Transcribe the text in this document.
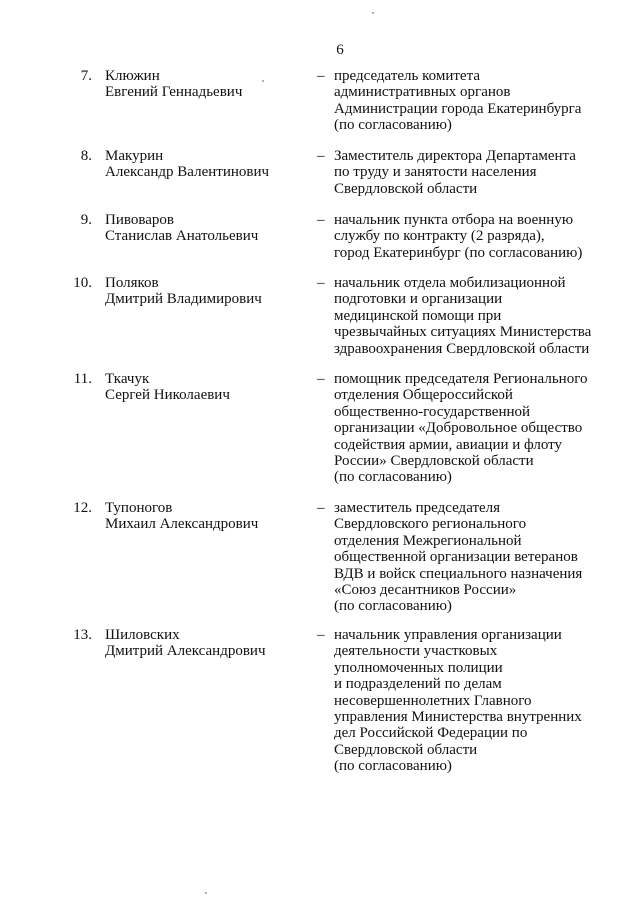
6
7. Клюжин
Евгений Геннадьевич
– председатель комитета
административных органов
Администрации города Екатеринбурга
(по согласованию)
8. Макурин
Александр Валентинович
– Заместитель директора Департамента
по труду и занятости населения
Свердловской области
9. Пивоваров
Станислав Анатольевич
– начальник пункта отбора на военную
службу по контракту (2 разряда),
город Екатеринбург (по согласованию)
10. Поляков
Дмитрий Владимирович
– начальник отдела мобилизационной
подготовки и организации
медицинской помощи при
чрезвычайных ситуациях Министерства
здравоохранения Свердловской области
11. Ткачук
Сергей Николаевич
– помощник председателя Регионального
отделения Общероссийской
общественно-государственной
организации «Добровольное общество
содействия армии, авиации и флоту
России» Свердловской области
(по согласованию)
12. Тупоногов
Михаил Александрович
– заместитель председателя
Свердловского регионального
отделения Межрегиональной
общественной организации ветеранов
ВДВ и войск специального назначения
«Союз десантников России»
(по согласованию)
13. Шиловских
Дмитрий Александрович
– начальник управления организации
деятельности участковых
уполномоченных полиции
и подразделений по делам
несовершеннолетних Главного
управления Министерства внутренних
дел Российской Федерации по
Свердловской области
(по согласованию)
